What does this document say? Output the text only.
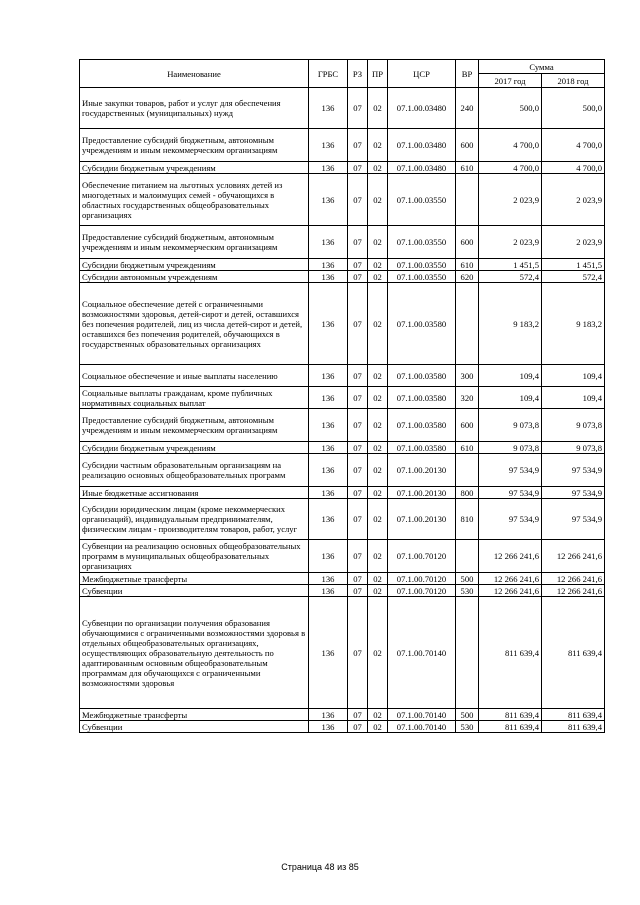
Наименование	ГРБС	РЗ	ПР	ЦСР	ВР	Сумма	
						2017 год	2018 год
Иные закупки товаров, работ и услуг для обеспечения государственных (муниципальных) нужд	136	07	02	07.1.00.03480	240	500,0	500,0
Предоставление субсидий бюджетным, автономным учреждениям и иным некоммерческим организациям	136	07	02	07.1.00.03480	600	4 700,0	4 700,0
Субсидии бюджетным учреждениям	136	07	02	07.1.00.03480	610	4 700,0	4 700,0
Обеспечение питанием на льготных условиях детей из многодетных и малоимущих семей - обучающихся в областных государственных общеобразовательных организациях	136	07	02	07.1.00.03550		2 023,9	2 023,9
Предоставление субсидий бюджетным, автономным учреждениям и иным некоммерческим организациям	136	07	02	07.1.00.03550	600	2 023,9	2 023,9
Субсидии бюджетным учреждениям	136	07	02	07.1.00.03550	610	1 451,5	1 451,5
Субсидии автономным учреждениям	136	07	02	07.1.00.03550	620	572,4	572,4
Социальное обеспечение детей с ограниченными возможностями здоровья, детей-сирот и детей, оставшихся без попечения родителей, лиц из числа детей-сирот и детей, оставшихся без попечения родителей, обучающихся в государственных образовательных организациях	136	07	02	07.1.00.03580		9 183,2	9 183,2
Социальное обеспечение и иные выплаты населению	136	07	02	07.1.00.03580	300	109,4	109,4
Социальные выплаты гражданам, кроме публичных нормативных социальных выплат	136	07	02	07.1.00.03580	320	109,4	109,4
Предоставление субсидий бюджетным, автономным учреждениям и иным некоммерческим организациям	136	07	02	07.1.00.03580	600	9 073,8	9 073,8
Субсидии бюджетным учреждениям	136	07	02	07.1.00.03580	610	9 073,8	9 073,8
Субсидии частным образовательным организациям на реализацию основных общеобразовательных программ	136	07	02	07.1.00.20130		97 534,9	97 534,9
Иные бюджетные ассигнования	136	07	02	07.1.00.20130	800	97 534,9	97 534,9
Субсидии юридическим лицам (кроме некоммерческих организаций), индивидуальным предпринимателям, физическим лицам - производителям товаров, работ, услуг	136	07	02	07.1.00.20130	810	97 534,9	97 534,9
Субвенции на реализацию основных общеобразовательных программ в муниципальных общеобразовательных организациях	136	07	02	07.1.00.70120		12 266 241,6	12 266 241,6
Межбюджетные трансферты	136	07	02	07.1.00.70120	500	12 266 241,6	12 266 241,6
Субвенции	136	07	02	07.1.00.70120	530	12 266 241,6	12 266 241,6
Субвенции по организации получения образования обучающимися с ограниченными возможностями здоровья в отдельных общеобразовательных организациях, осуществляющих образовательную деятельность по адаптированным основным общеобразовательным программам для обучающихся с ограниченными возможностями здоровья	136	07	02	07.1.00.70140		811 639,4	811 639,4
Межбюджетные трансферты	136	07	02	07.1.00.70140	500	811 639,4	811 639,4
Субвенции	136	07	02	07.1.00.70140	530	811 639,4	811 639,4
Страница 48 из 85
